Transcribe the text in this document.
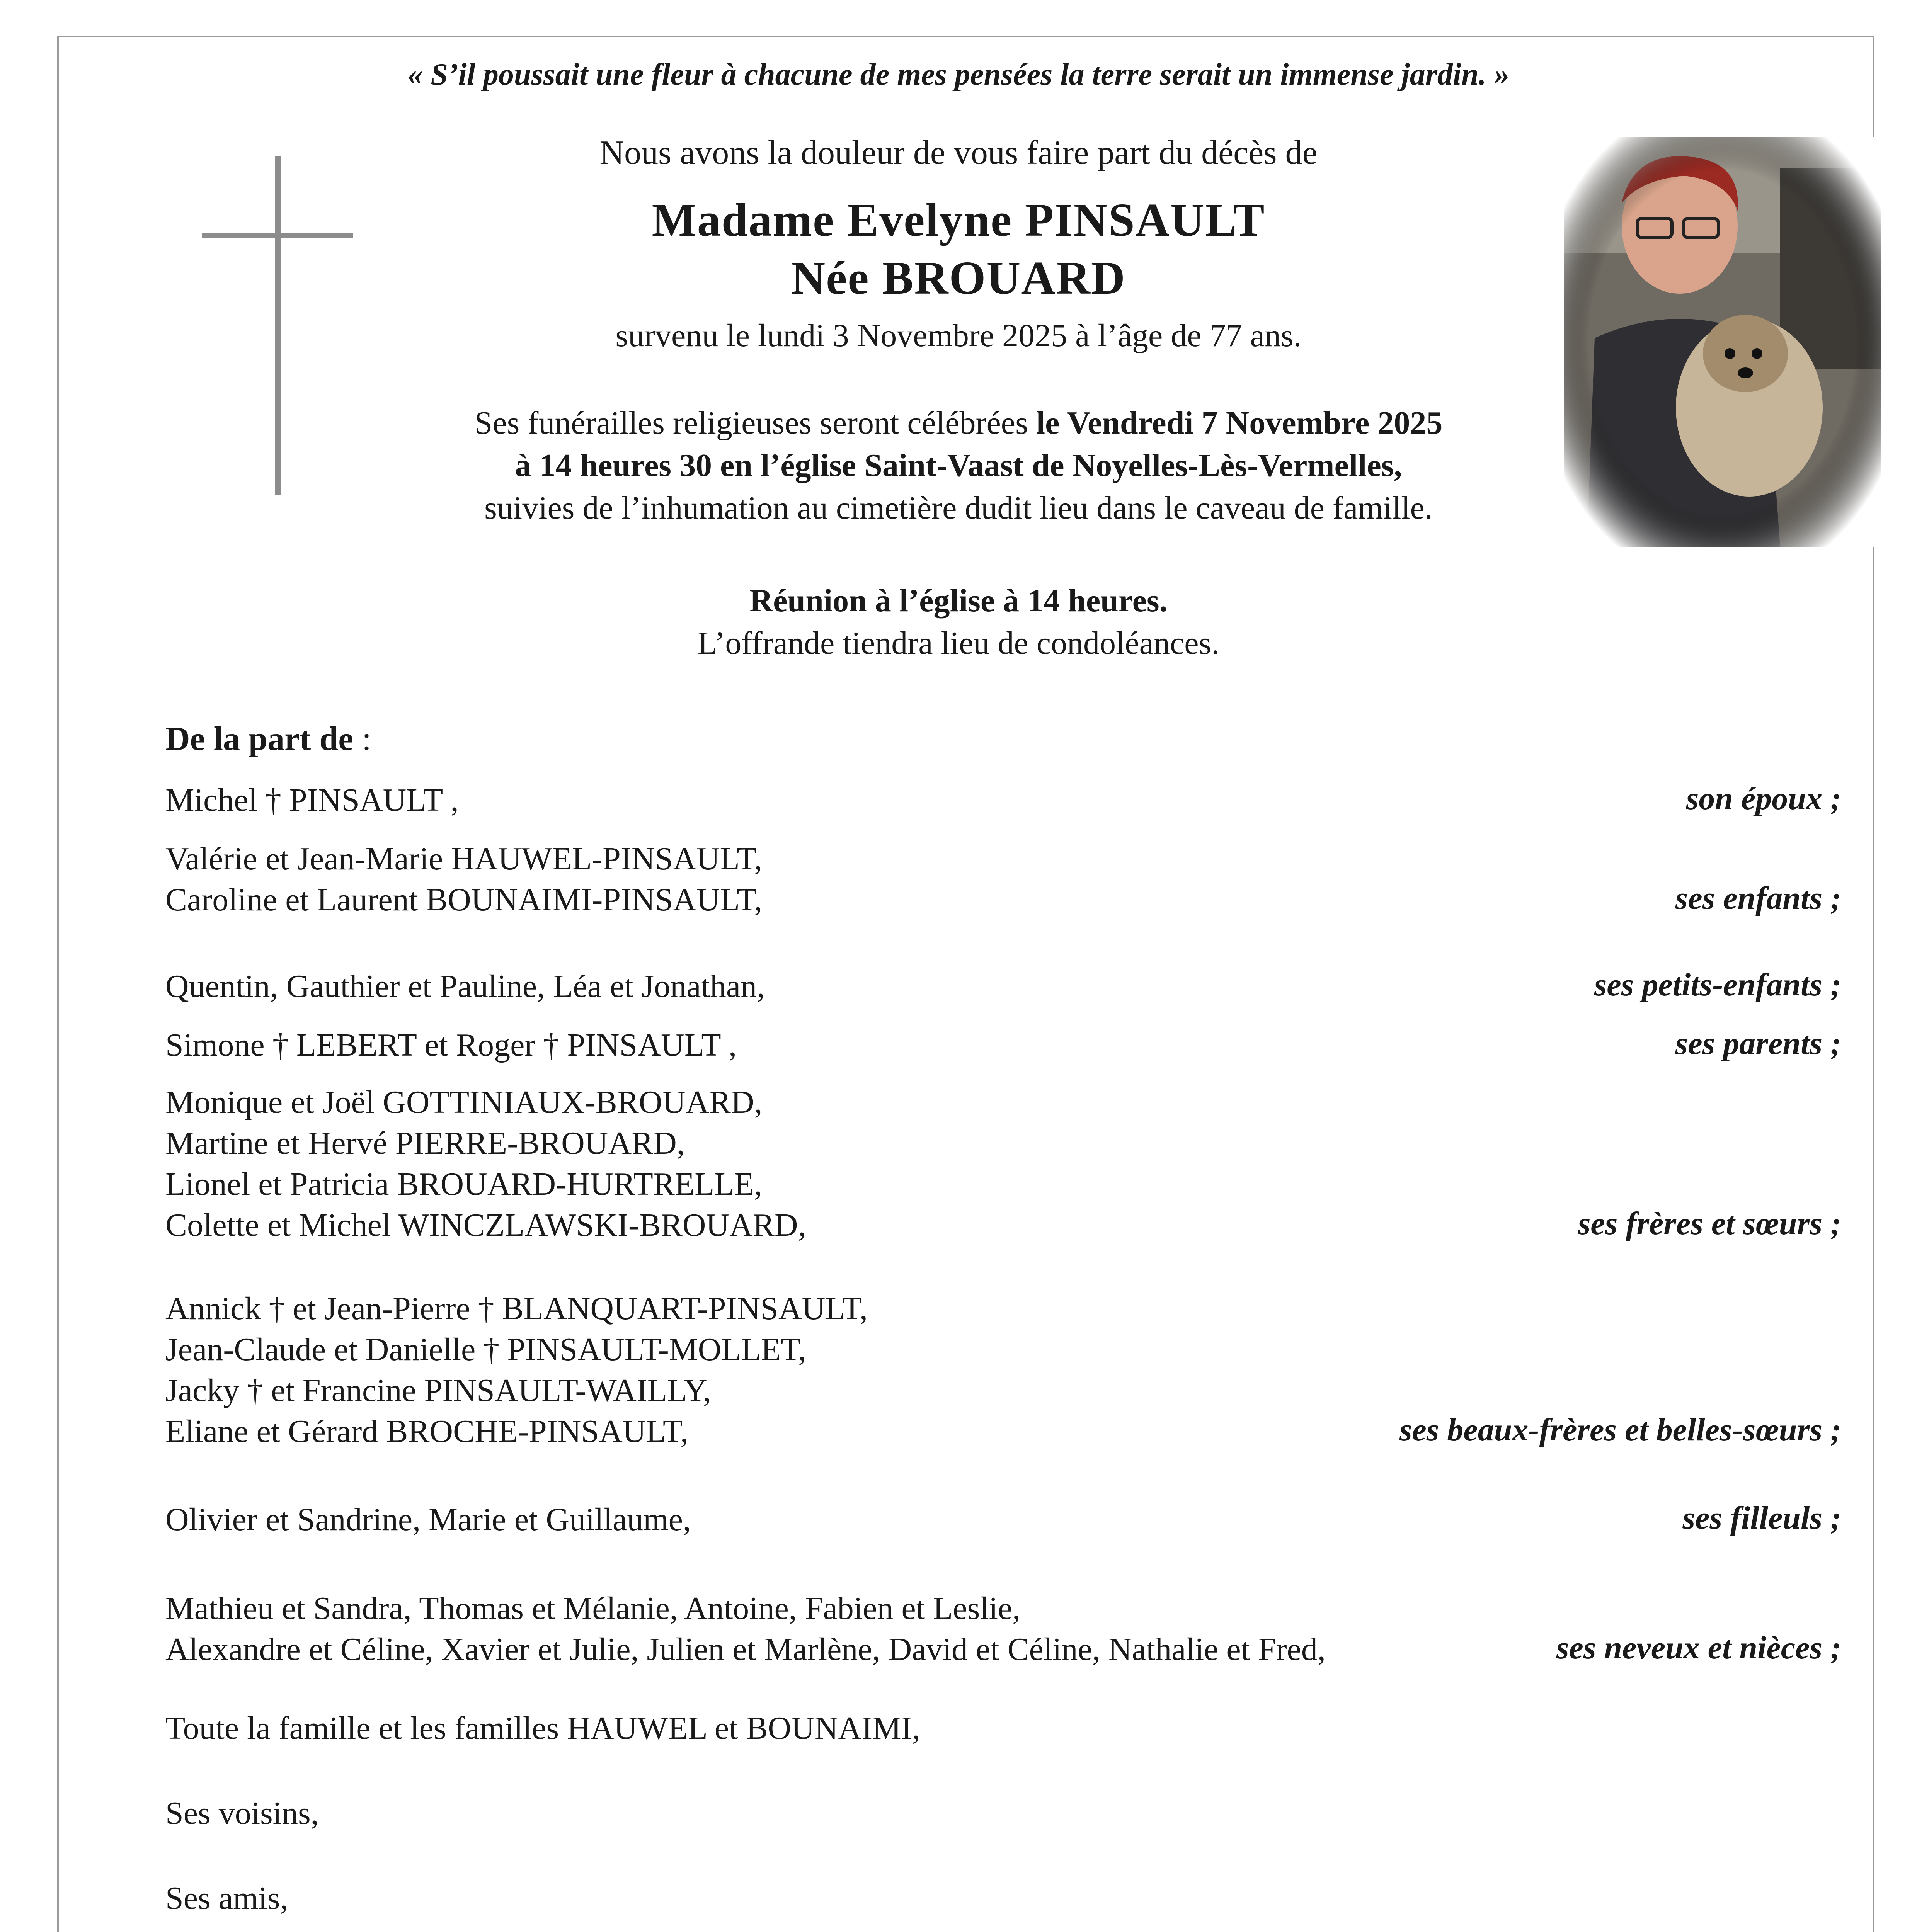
« S’il poussait une fleur à chacune de mes pensées la terre serait un immense jardin. »
Nous avons la douleur de vous faire part du décès de
Madame Evelyne PINSAULT
Née BROUARD
survenu le lundi 3 Novembre 2025 à l’âge de 77 ans.
Ses funérailles religieuses seront célébrées le Vendredi 7 Novembre 2025
à 14 heures 30 en l’église Saint-Vaast de Noyelles-Lès-Vermelles,
suivies de l’inhumation au cimetière dudit lieu dans le caveau de famille.
Réunion à l’église à 14 heures.
L’offrande tiendra lieu de condoléances.
De la part de :
Michel † PINSAULT ,	son époux ;
Valérie et Jean-Marie HAUWEL-PINSAULT,
Caroline et Laurent BOUNAIMI-PINSAULT,	ses enfants ;
Quentin, Gauthier et Pauline, Léa et Jonathan,	ses petits-enfants ;
Simone † LEBERT et Roger † PINSAULT ,	ses parents ;
Monique et Joël GOTTINIAUX-BROUARD,
Martine et Hervé PIERRE-BROUARD,
Lionel et Patricia BROUARD-HURTRELLE,
Colette et Michel WINCZLAWSKI-BROUARD,	ses frères et sœurs ;
Annick † et Jean-Pierre † BLANQUART-PINSAULT,
Jean-Claude et Danielle † PINSAULT-MOLLET,
Jacky † et Francine PINSAULT-WAILLY,
Eliane et Gérard BROCHE-PINSAULT,	ses beaux-frères et belles-sœurs ;
Olivier et Sandrine, Marie et Guillaume,	ses filleuls ;
Mathieu et Sandra, Thomas et Mélanie, Antoine, Fabien et Leslie,
Alexandre et Céline, Xavier et Julie, Julien et Marlène, David et Céline, Nathalie et Fred,	ses neveux et nièces ;
Toute la famille et les familles HAUWEL et BOUNAIMI,
Ses voisins,
Ses amis,
